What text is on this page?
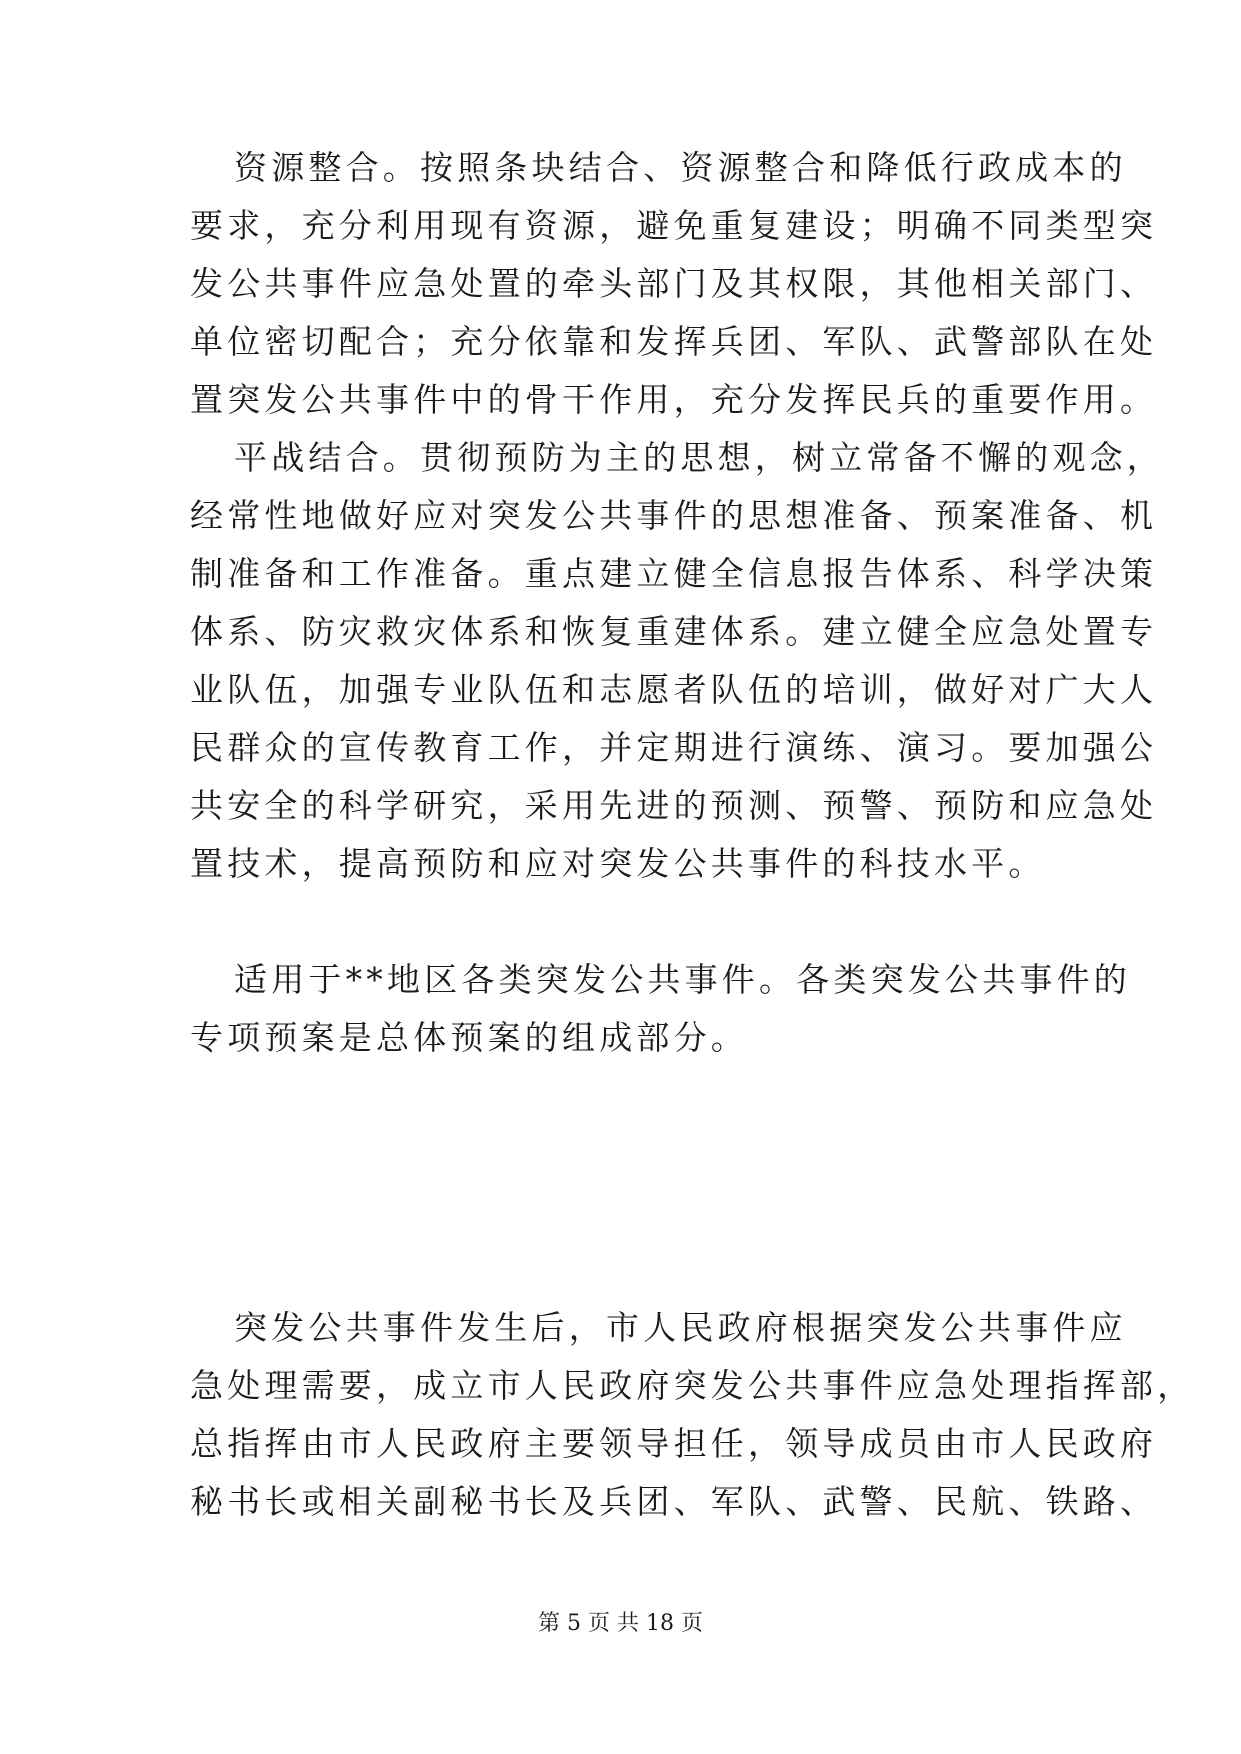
资源整合。按照条块结合、资源整合和降低行政成本的
要求，充分利用现有资源，避免重复建设；明确不同类型突
发公共事件应急处置的牵头部门及其权限，其他相关部门、
单位密切配合；充分依靠和发挥兵团、军队、武警部队在处
置突发公共事件中的骨干作用，充分发挥民兵的重要作用。
平战结合。贯彻预防为主的思想，树立常备不懈的观念，
经常性地做好应对突发公共事件的思想准备、预案准备、机
制准备和工作准备。重点建立健全信息报告体系、科学决策
体系、防灾救灾体系和恢复重建体系。建立健全应急处置专
业队伍，加强专业队伍和志愿者队伍的培训，做好对广大人
民群众的宣传教育工作，并定期进行演练、演习。要加强公
共安全的科学研究，采用先进的预测、预警、预防和应急处
置技术，提高预防和应对突发公共事件的科技水平。
适用于**地区各类突发公共事件。各类突发公共事件的
专项预案是总体预案的组成部分。
突发公共事件发生后，市人民政府根据突发公共事件应
急处理需要，成立市人民政府突发公共事件应急处理指挥部，
总指挥由市人民政府主要领导担任，领导成员由市人民政府
秘书长或相关副秘书长及兵团、军队、武警、民航、铁路、
第 5 页 共 18 页
